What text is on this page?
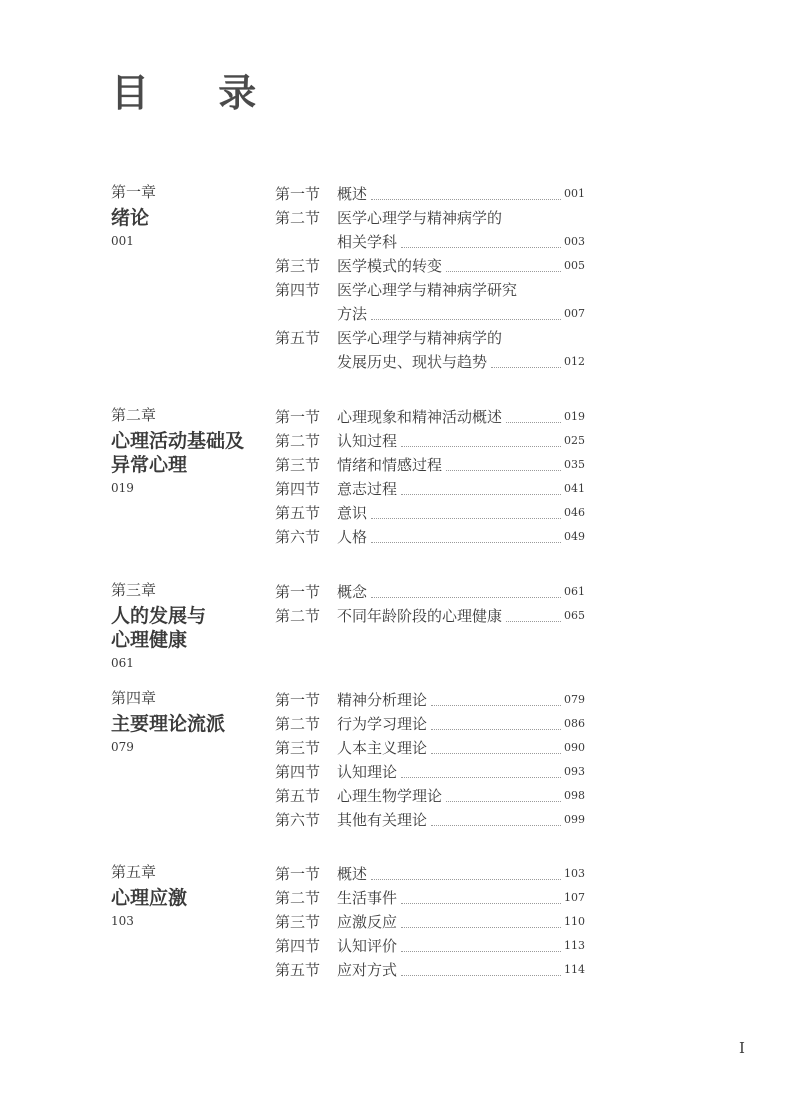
目 录
第一章
绪论
001
第一节	概述	001
第二节	医学心理学与精神病学的
相关学科	003
第三节	医学模式的转变	005
第四节	医学心理学与精神病学研究
方法	007
第五节	医学心理学与精神病学的
发展历史、现状与趋势	012
第二章
心理活动基础及
异常心理
019
第一节	心理现象和精神活动概述	019
第二节	认知过程	025
第三节	情绪和情感过程	035
第四节	意志过程	041
第五节	意识	046
第六节	人格	049
第三章
人的发展与
心理健康
061
第一节	概念	061
第二节	不同年龄阶段的心理健康	065
第四章
主要理论流派
079
第一节	精神分析理论	079
第二节	行为学习理论	086
第三节	人本主义理论	090
第四节	认知理论	093
第五节	心理生物学理论	098
第六节	其他有关理论	099
第五章
心理应激
103
第一节	概述	103
第二节	生活事件	107
第三节	应激反应	110
第四节	认知评价	113
第五节	应对方式	114
I
